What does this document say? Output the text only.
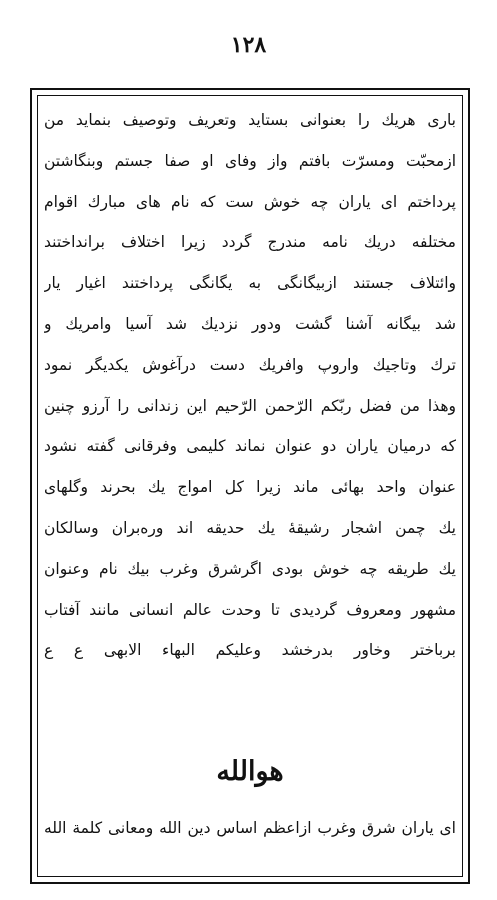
۱۲۸
باری هریك را بعنوانی بستاید وتعریف وتوصیف بنماید من
ازمحبّت ومسرّت بافتم واز وفای او صفا جستم وبنگاشتن
پرداختم ای یاران چه خوش ست که نام های مبارك اقوام
مختلفه دریك نامه مندرج گردد زیرا اختلاف برانداختند
وائتلاف جستند ازبیگانگی به یگانگی پرداختند اغیار یار
شد بیگانه آشنا گشت ودور نزدیك شد آسیا وامریك و
ترك وتاجیك واروپ وافریك دست درآغوش یکدیگر نمود
وهذا من فضل ربّکم الرّحمن الرّحیم این زندانی را آرزو چنین
که درمیان یاران دو عنوان نماند کلیمی وفرقانی گفته نشود
عنوان واحد بهائی ماند زیرا کل امواج یك بحرند وگلهای
یك چمن اشجار رشیقهٔ یك حدیقه اند وره‌بران وسالکان
یك طریقه چه خوش بودی اگرشرق وغرب بیك نام وعنوان
مشهور ومعروف گردیدی تا وحدت عالم انسانی مانند آفتاب
برباختر وخاور بدرخشد وعلیکم البهاء الابهی ع ع
هوالله
ای یاران شرق وغرب ازاعظم اساس دین الله ومعانی کلمة الله
